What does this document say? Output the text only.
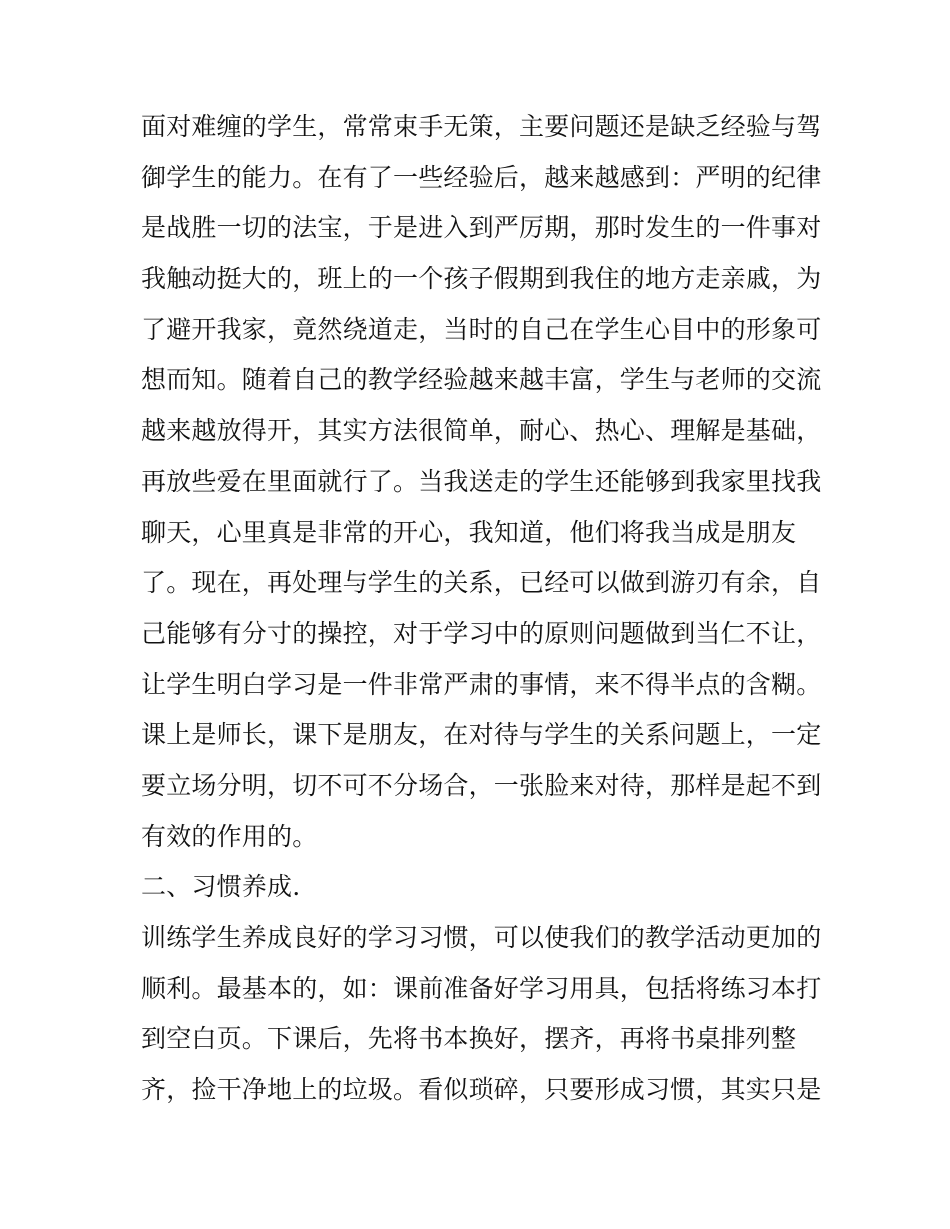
面对难缠的学生，常常束手无策，主要问题还是缺乏经验与驾
御学生的能力。在有了一些经验后，越来越感到：严明的纪律
是战胜一切的法宝，于是进入到严厉期，那时发生的一件事对
我触动挺大的，班上的一个孩子假期到我住的地方走亲戚，为
了避开我家，竟然绕道走，当时的自己在学生心目中的形象可
想而知。随着自己的教学经验越来越丰富，学生与老师的交流
越来越放得开，其实方法很简单，耐心、热心、理解是基础，
再放些爱在里面就行了。当我送走的学生还能够到我家里找我
聊天，心里真是非常的开心，我知道，他们将我当成是朋友
了。现在，再处理与学生的关系，已经可以做到游刃有余，自
己能够有分寸的操控，对于学习中的原则问题做到当仁不让，
让学生明白学习是一件非常严肃的事情，来不得半点的含糊。
课上是师长，课下是朋友，在对待与学生的关系问题上，一定
要立场分明，切不可不分场合，一张脸来对待，那样是起不到
有效的作用的。
二、习惯养成.
训练学生养成良好的学习习惯，可以使我们的教学活动更加的
顺利。最基本的，如：课前准备好学习用具，包括将练习本打
到空白页。下课后，先将书本换好，摆齐，再将书桌排列整
齐，捡干净地上的垃圾。看似琐碎，只要形成习惯，其实只是
